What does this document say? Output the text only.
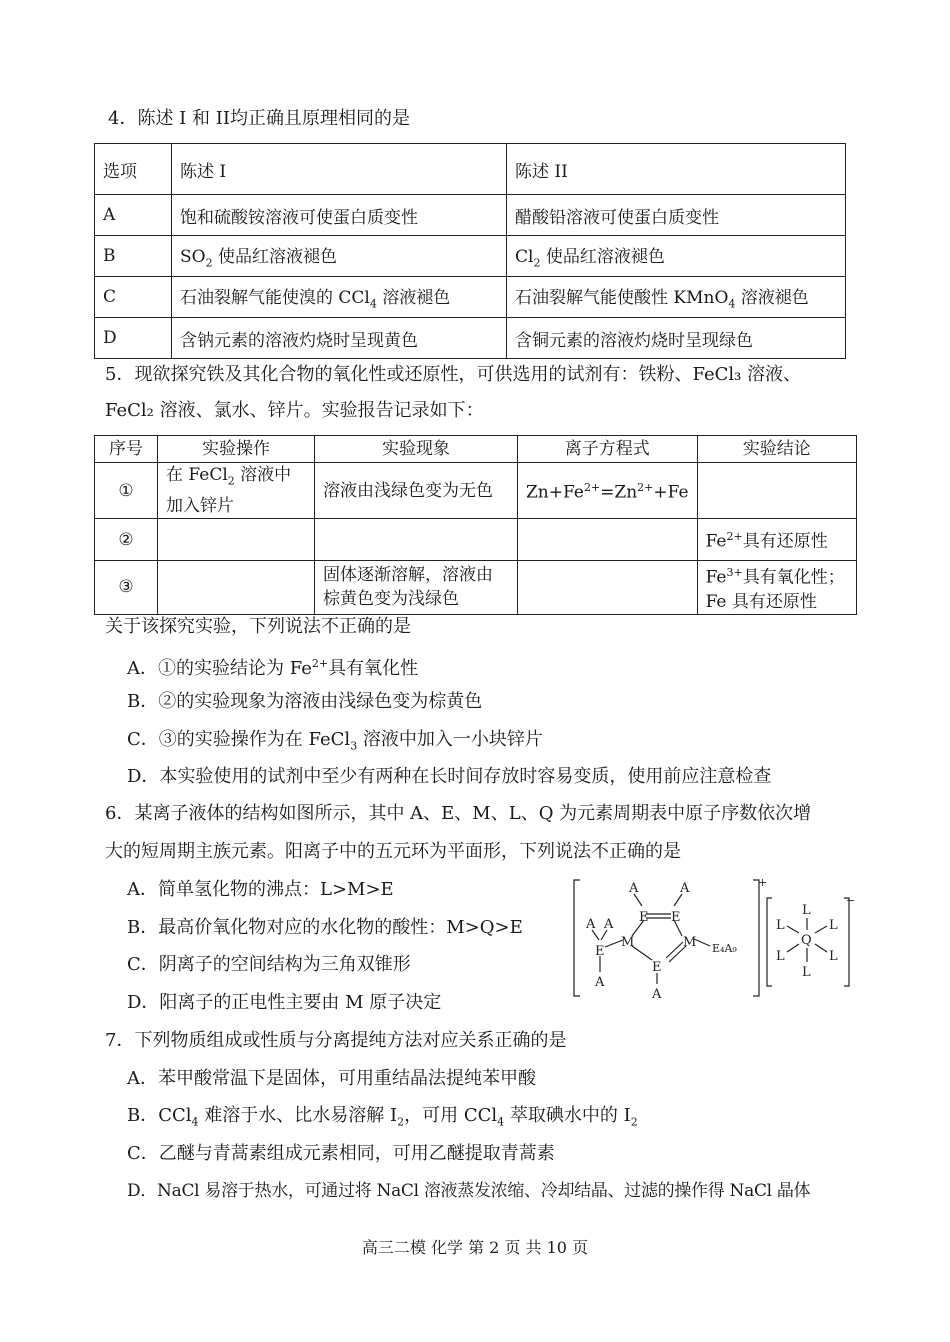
4．陈述 I 和 II均正确且原理相同的是
选项	陈述 I	陈述 II
A	饱和硫酸铵溶液可使蛋白质变性	醋酸铅溶液可使蛋白质变性
B	$SO_2$ 使品红溶液褪色	$Cl_2$ 使品红溶液褪色
C	石油裂解气能使溴的 CCl$_4$ 溶液褪色	石油裂解气能使酸性 KMnO$_4$ 溶液褪色
D	含钠元素的溶液灼烧时呈现黄色	含铜元素的溶液灼烧时呈现绿色
5．现欲探究铁及其化合物的氧化性或还原性，可供选用的试剂有：铁粉、FeCl₃ 溶液、
FeCl₂ 溶液、氯水、锌片。实验报告记录如下：
序号	实验操作	实验现象	离子方程式	实验结论
①	在 FeCl$_2$ 溶液中加入锌片	溶液由浅绿色变为无色	$Zn+Fe^{2+}=Zn^{2+}+Fe$	
②				$Fe^{2+}$具有还原性
③		固体逐渐溶解，溶液由棕黄色变为浅绿色		$Fe^{3+}$具有氧化性；
Fe 具有还原性
关于该探究实验，下列说法不正确的是
A．①的实验结论为 $Fe^{2+}$具有氧化性
B．②的实验现象为溶液由浅绿色变为棕黄色
C．③的实验操作为在 FeCl$_3$ 溶液中加入一小块锌片
D．本实验使用的试剂中至少有两种在长时间存放时容易变质，使用前应注意检查
6．某离子液体的结构如图所示，其中 A、E、M、L、Q 为元素周期表中原子序数依次增
大的短周期主族元素。阳离子中的五元环为平面形，下列说法不正确的是
A．简单氢化物的沸点：L>M>E
B．最高价氧化物对应的水化物的酸性：M>Q>E
C．阴离子的空间结构为三角双锥形
D．阳离子的正电性主要由 M 原子决定
A	A
E E
M	M
E
A
A A
E
A
E₄A₉
+
L
L
Q
L	L
L	L
−
7．下列物质组成或性质与分离提纯方法对应关系正确的是
A．苯甲酸常温下是固体，可用重结晶法提纯苯甲酸
B．CCl$_4$ 难溶于水、比水易溶解 $I_2$，可用 CCl$_4$ 萃取碘水中的 $I_2$
C．乙醚与青蒿素组成元素相同，可用乙醚提取青蒿素
D．NaCl 易溶于热水，可通过将 NaCl 溶液蒸发浓缩、冷却结晶、过滤的操作得 NaCl 晶体
高三二模 化学 第 2 页 共 10 页
